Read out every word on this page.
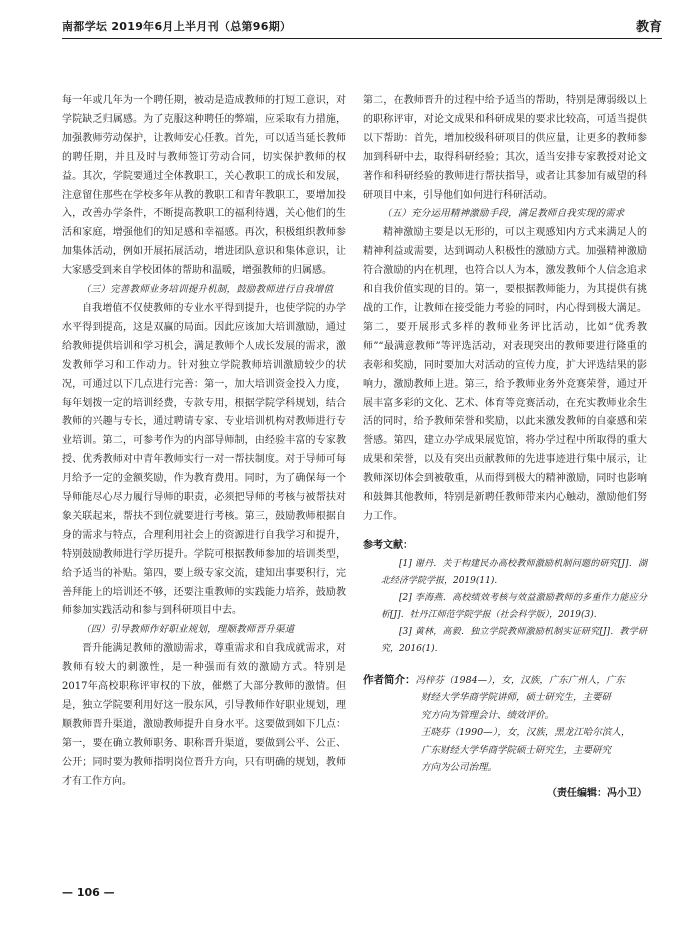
南都学坛 2019年6月上半月刊（总第96期）	教育

每一年或几年为一个聘任期，被动是造成教师的打短工意识，对学院缺乏归属感。为了克服这种聘任的弊端，应采取有力措施，加强教师劳动保护，让教师安心任教。首先，可以适当延长教师的聘任期，并且及时与教师签订劳动合同，切实保护教师的权益。其次，学院要通过全体教职工，关心教职工的成长和发展，注意留住那些在学校多年从教的教职工和青年教职工，要增加投入，改善办学条件，不断提高教职工的福利待遇，关心他们的生活和家庭，增强他们的知足感和幸福感。再次，积极组织教师参加集体活动，例如开展拓展活动，增进团队意识和集体意识，让大家感受到来自学校团体的帮助和温暖，增强教师的归属感。

（三）完善教师业务培训提升机制，鼓励教师进行自我增值

自我增值不仅使教师的专业水平得到提升，也使学院的办学水平得到提高，这是双赢的局面。因此应该加大培训激励，通过给教师提供培训和学习机会，满足教师个人成长发展的需求，激发教师学习和工作动力。针对独立学院教师培训激励较少的状况，可通过以下几点进行完善：第一，加大培训资金投入力度，每年划拨一定的培训经费，专款专用，根据学院学科规划，结合教师的兴趣与专长，通过聘请专家、专业培训机构对教师进行专业培训。第二，可参考作为的内部导师制，由经验丰富的专家教授、优秀教师对中青年教师实行一对一帮扶制度。对于导师可每月给予一定的金额奖励，作为教育费用。同时，为了确保每一个导师能尽心尽力履行导师的职责，必须把导师的考核与被帮扶对象关联起来，帮扶不到位就要进行考核。第三，鼓励教师根据自身的需求与特点，合理利用社会上的资源进行自我学习和提升，特别鼓励教师进行学历提升。学院可根据教师参加的培训类型，给予适当的补贴。第四，要上级专家交流，建知出事要积行，完善拜能上的培训还不够，还要注重教师的实践能力培养，鼓励教师参加实践活动和参与到科研项目中去。

（四）引导教师作好职业规划，理顺教师晋升渠道

晋升能满足教师的激励需求，尊重需求和自我成就需求，对教师有较大的刺激性，是一种强而有效的激励方式。特别是2017年高校职称评审权的下放，催燃了大部分教师的激情。但是，独立学院要利用好这一股东风，引导教师作好职业规划，理顺教师晋升渠道，激励教师提升自身水平。这要做到如下几点：第一，要在确立教师职务、职称晋升渠道，要做到公平、公正、公开；同时要为教师指明岗位晋升方向，只有明确的规划，教师才有工作方向。

第二，在教师晋升的过程中给予适当的帮助，特别是薄弱级以上的职称评审，对论文成果和科研成果的要求比较高，可适当提供以下帮助：首先，增加校级科研项目的供应量，让更多的教师参加到科研中去，取得科研经验；其次，适当安排专家教授对论文著作和科研经验的教师进行帮扶指导，或者让其参加有威望的科研项目中来，引导他们如何进行科研活动。

（五）充分运用精神激励手段，满足教师自我实现的需求

精神激励主要是以无形的，可以主观感知内方式来满足人的精神利益或需要，达到调动人积极性的激励方式。加强精神激励符合激励的内在机理，也符合以人为本，激发教师个人信念追求和自我价值实现的目的。第一，要根据教师能力，为其提供有挑战的工作，让教师在接受能力考验的同时，内心得到极大满足。第二，要开展形式多样的教师业务评比活动，比如“优秀教师”“最满意教师”等评选活动，对表现突出的教师要进行隆重的表彰和奖励，同时要加大对活动的宣传力度，扩大评选结果的影响力，激励教师上进。第三，给予教师业务外竞赛荣誉，通过开展丰富多彩的文化、艺术、体育等竞赛活动，在充实教师业余生活的同时，给予教师荣誉和奖励，以此来激发教师的自豪感和荣誉感。第四，建立办学成果展览馆，将办学过程中所取得的重大成果和荣誉，以及有突出贡献教师的先进事迹进行集中展示，让教师深切体会到被敬重，从而得到极大的精神激励，同时也影响和鼓舞其他教师，特别是新聘任教师带来内心触动，激励他们努力工作。

参考文献：

[1] 谢丹．关于构建民办高校教师激励机制问题的研究[J]．湖北经济学院学报，2019(11).

[2] 李海燕．高校绩效考核与效益激励教师的多重作力能应分析[J]．牡丹江师范学院学报（社会科学版），2019(3).

[3] 黄林，高毅．独立学院教师激励机制实证研究[J]．教学研究，2016(1).

作者简介：冯梓芬（1984—），女，汉族，广东广州人，广东
财经大学华商学院讲师，硕士研究生，主要研
究方向为管理会计、绩效评价。
王晓芬（1990—），女，汉族，黑龙江哈尔滨人，
广东财经大学华商学院硕士研究生，主要研究
方向为公司治理。
（责任编辑：冯小卫）
— 106 —
